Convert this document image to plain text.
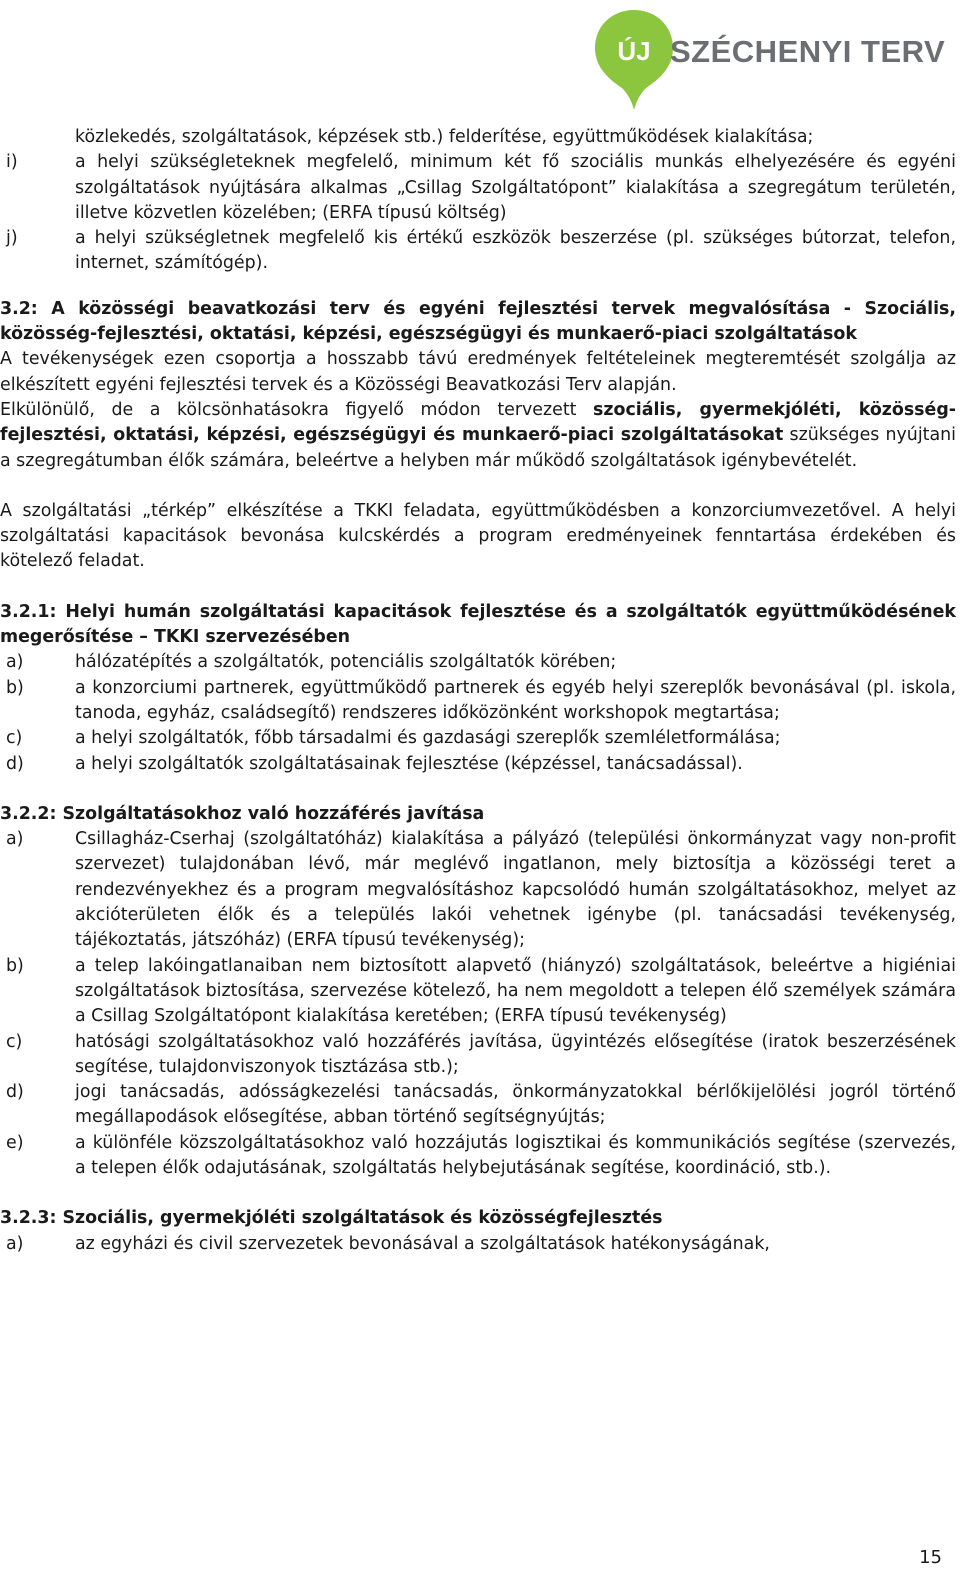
ÚJ SZÉCHENYI TERV

közlekedés, szolgáltatások, képzések stb.) felderítése, együttműködések kialakítása;

i)	a helyi szükségleteknek megfelelő, minimum két fő szociális munkás elhelyezésére és egyéni szolgáltatások nyújtására alkalmas „Csillag Szolgáltatópont” kialakítása a szegregátum területén, illetve közvetlen közelében; (ERFA típusú költség)
j)	a helyi szükségletnek megfelelő kis értékű eszközök beszerzése (pl. szükséges bútorzat, telefon, internet, számítógép).

3.2: A közösségi beavatkozási terv és egyéni fejlesztési tervek megvalósítása - Szociális, közösség-fejlesztési, oktatási, képzési, egészségügyi és munkaerő-piaci szolgáltatások

A tevékenységek ezen csoportja a hosszabb távú eredmények feltételeinek megteremtését szolgálja az elkészített egyéni fejlesztési tervek és a Közösségi Beavatkozási Terv alapján.

Elkülönülő, de a kölcsönhatásokra figyelő módon tervezett szociális, gyermekjóléti, közösség-fejlesztési, oktatási, képzési, egészségügyi és munkaerő-piaci szolgáltatásokat szükséges nyújtani a szegregátumban élők számára, beleértve a helyben már működő szolgáltatások igénybevételét.

A szolgáltatási „térkép” elkészítése a TKKI feladata, együttműködésben a konzorciumvezetővel. A helyi szolgáltatási kapacitások bevonása kulcskérdés a program eredményeinek fenntartása érdekében és kötelező feladat.

3.2.1: Helyi humán szolgáltatási kapacitások fejlesztése és a szolgáltatók együttműködésének megerősítése – TKKI szervezésében

a)	hálózatépítés a szolgáltatók, potenciális szolgáltatók körében;
b)	a konzorciumi partnerek, együttműködő partnerek és egyéb helyi szereplők bevonásával (pl. iskola, tanoda, egyház, családsegítő) rendszeres időközönként workshopok megtartása;
c)	a helyi szolgáltatók, főbb társadalmi és gazdasági szereplők szemléletformálása;
d)	a helyi szolgáltatók szolgáltatásainak fejlesztése (képzéssel, tanácsadással).

3.2.2: Szolgáltatásokhoz való hozzáférés javítása

a)	Csillagház-Cserhaj (szolgáltatóház) kialakítása a pályázó (települési önkormányzat vagy non-profit szervezet) tulajdonában lévő, már meglévő ingatlanon, mely biztosítja a közösségi teret a rendezvényekhez és a program megvalósításhoz kapcsolódó humán szolgáltatásokhoz, melyet az akcióterületen élők és a település lakói vehetnek igénybe (pl. tanácsadási tevékenység, tájékoztatás, játszóház) (ERFA típusú tevékenység);
b)	a telep lakóingatlanaiban nem biztosított alapvető (hiányzó) szolgáltatások, beleértve a higiéniai szolgáltatások biztosítása, szervezése kötelező, ha nem megoldott a telepen élő személyek számára a Csillag Szolgáltatópont kialakítása keretében; (ERFA típusú tevékenység)
c)	hatósági szolgáltatásokhoz való hozzáférés javítása, ügyintézés elősegítése (iratok beszerzésének segítése, tulajdonviszonyok tisztázása stb.);
d)	jogi tanácsadás, adósságkezelési tanácsadás, önkormányzatokkal bérlőkijelölési jogról történő megállapodások elősegítése, abban történő segítségnyújtás;
e)	a különféle közszolgáltatásokhoz való hozzájutás logisztikai és kommunikációs segítése (szervezés, a telepen élők odajutásának, szolgáltatás helybejutásának segítése, koordináció, stb.).

3.2.3: Szociális, gyermekjóléti szolgáltatások és közösségfejlesztés

a)	az egyházi és civil szervezetek bevonásával a szolgáltatások hatékonyságának,
15
